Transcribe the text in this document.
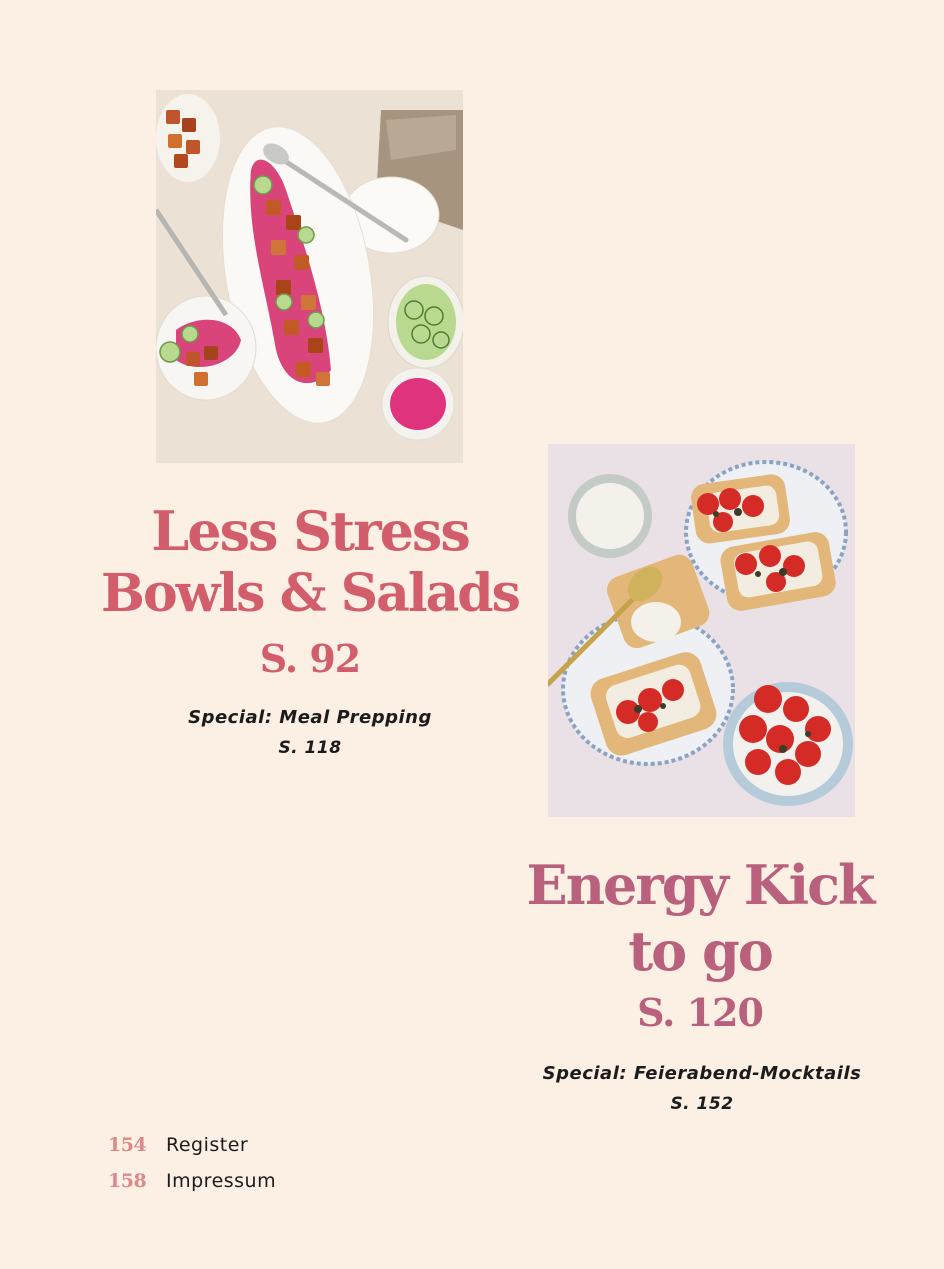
Less Stress
Bowls & Salads
S. 92
Special: Meal Prepping
S. 118
Energy Kick
to go
S. 120
Special: Feierabend-Mocktails
S. 152
154 Register
158 Impressum
